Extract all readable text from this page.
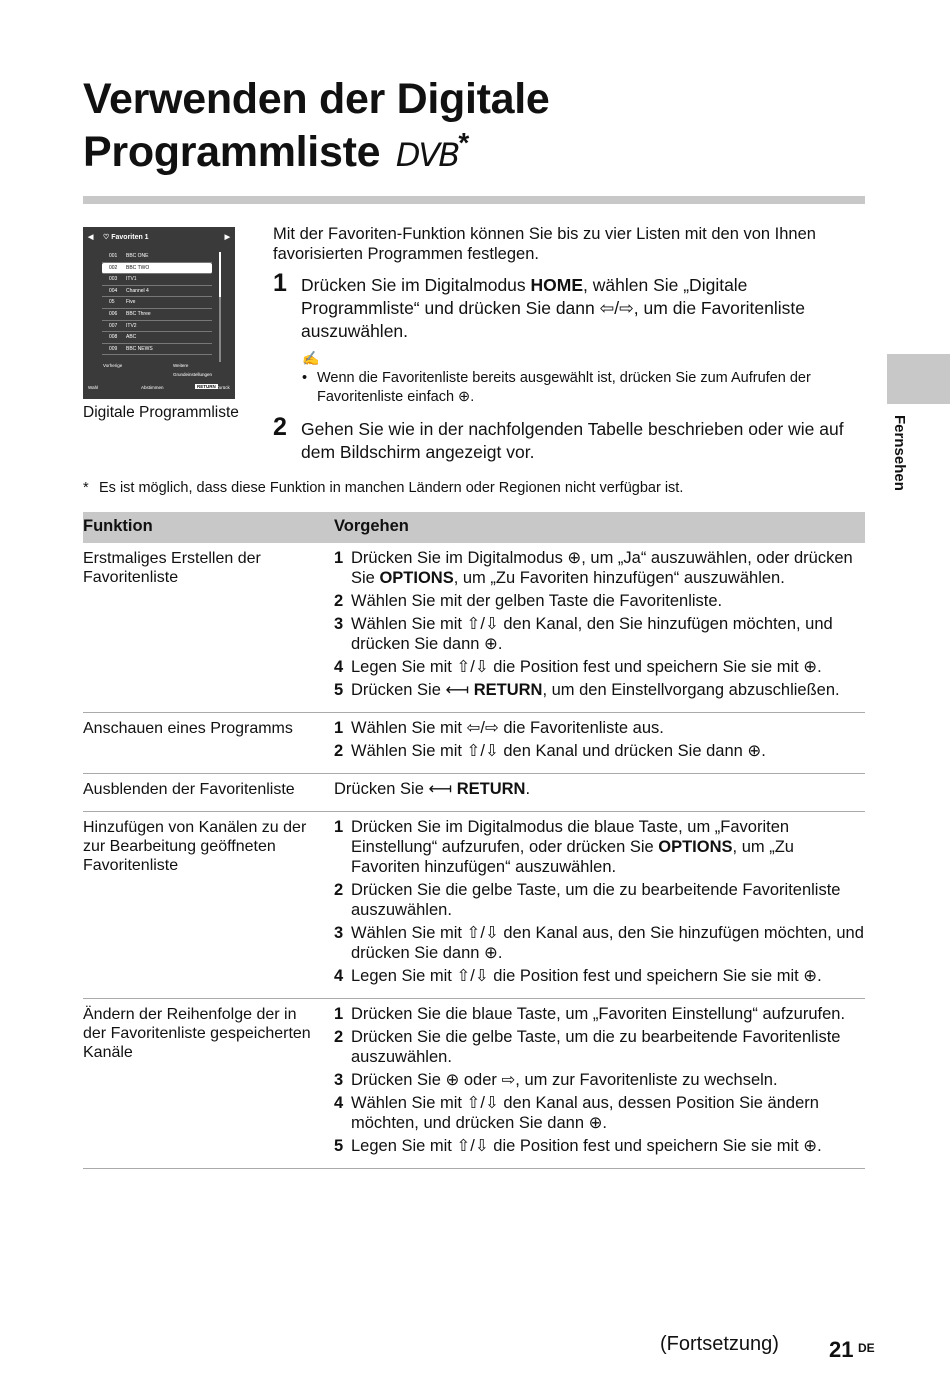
Verwenden der Digitale
Programmliste DVB*
Fernsehen
◀ ♡ Favoriten 1	▶
001 BBC ONE
002 BBC TWO
003 ITV1
004 Channel 4
05 Five
006 BBC Three
007 ITV2
008 ABC
009 BBC NEWS
Vorherige	Weitere
Grundeinstellungen
Wahl	Abstimmen	RETURN Zurück
Digitale Programmliste

Mit der Favoriten-Funktion können Sie bis zu vier Listen mit den von Ihnen favorisierten Programmen festlegen.

1 Drücken Sie im Digitalmodus HOME, wählen Sie „Digitale Programmliste“ und drücken Sie dann ⇦/⇨, um die Favoritenliste auszuwählen.
✍
• Wenn die Favoritenliste bereits ausgewählt ist, drücken Sie zum Aufrufen der Favoritenliste einfach ⊕.
2 Gehen Sie wie in der nachfolgenden Tabelle beschrieben oder wie auf dem Bildschirm angezeigt vor.
* Es ist möglich, dass diese Funktion in manchen Ländern oder Regionen nicht verfügbar ist.
Funktion	Vorgehen
Erstmaliges Erstellen der Favoritenliste
1 Drücken Sie im Digitalmodus ⊕, um „Ja“ auszuwählen, oder drücken Sie OPTIONS, um „Zu Favoriten hinzufügen“ auszuwählen.
2 Wählen Sie mit der gelben Taste die Favoritenliste.
3 Wählen Sie mit ⇧/⇩ den Kanal, den Sie hinzufügen möchten, und drücken Sie dann ⊕.
4 Legen Sie mit ⇧/⇩ die Position fest und speichern Sie sie mit ⊕.
5 Drücken Sie ⟻ RETURN, um den Einstellvorgang abzuschließen.
Anschauen eines Programms	1 Wählen Sie mit ⇦/⇨ die Favoritenliste aus.
2 Wählen Sie mit ⇧/⇩ den Kanal und drücken Sie dann ⊕.
Ausblenden der Favoritenliste	Drücken Sie ⟻ RETURN.
Hinzufügen von Kanälen zu der zur Bearbeitung geöffneten Favoritenliste
1 Drücken Sie im Digitalmodus die blaue Taste, um „Favoriten Einstellung“ aufzurufen, oder drücken Sie OPTIONS, um „Zu Favoriten hinzufügen“ auszuwählen.
2 Drücken Sie die gelbe Taste, um die zu bearbeitende Favoritenliste auszuwählen.
3 Wählen Sie mit ⇧/⇩ den Kanal aus, den Sie hinzufügen möchten, und drücken Sie dann ⊕.
4 Legen Sie mit ⇧/⇩ die Position fest und speichern Sie sie mit ⊕.
Ändern der Reihenfolge der in der Favoritenliste gespeicherten Kanäle
1 Drücken Sie die blaue Taste, um „Favoriten Einstellung“ aufzurufen.
2 Drücken Sie die gelbe Taste, um die zu bearbeitende Favoritenliste auszuwählen.
3 Drücken Sie ⊕ oder ⇨, um zur Favoritenliste zu wechseln.
4 Wählen Sie mit ⇧/⇩ den Kanal aus, dessen Position Sie ändern möchten, und drücken Sie dann ⊕.
5 Legen Sie mit ⇧/⇩ die Position fest und speichern Sie sie mit ⊕.
(Fortsetzung) 21 DE
